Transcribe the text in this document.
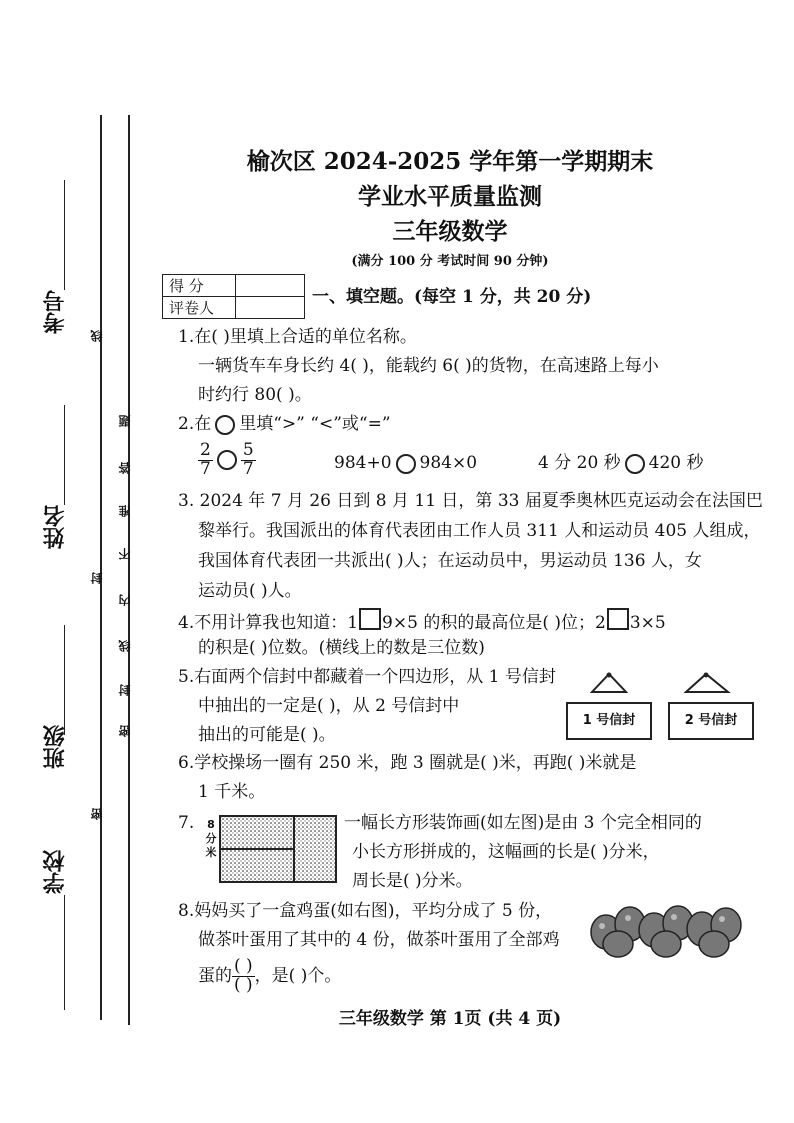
考号
姓名
班级
学校
线
题
答
准
不
内
线
封
密
封
密
榆次区 2024-2025 学年第一学期期末
学业水平质量监测
三年级数学
(满分 100 分 考试时间 90 分钟)
得 分	
评卷人	
一、填空题。(每空 1 分，共 20 分)
1.在( )里填上合适的单位名称。
一辆货车车身长约 4( )，能载约 6( )的货物，在高速路上每小
时约行 80( )。
2.在 里填“>” “<”或“=”
$\frac{2}{7} \frac{5}{7}$	984+0 984×0	4 分 20 秒 420 秒
3. 2024 年 7 月 26 日到 8 月 11 日，第 33 届夏季奥林匹克运动会在法国巴
黎举行。我国派出的体育代表团由工作人员 311 人和运动员 405 人组成，
我国体育代表团一共派出( )人；在运动员中，男运动员 136 人，女
运动员( )人。
4.不用计算我也知道：1 9×5 的积的最高位是( )位；2 3×5
的积是( )位数。(横线上的数是三位数)
5.右面两个信封中都藏着一个四边形，从 1 号信封
中抽出的一定是( )，从 2 号信封中
抽出的可能是( )。
1 号信封	2 号信封
6.学校操场一圈有 250 米，跑 3 圈就是( )米，再跑( )米就是
1 千米。
7. 8分米
一幅长方形装饰画(如左图)是由 3 个完全相同的
小长方形拼成的，这幅画的长是( )分米，
周长是( )分米。
8.妈妈买了一盒鸡蛋(如右图)，平均分成了 5 份，
做茶叶蛋用了其中的 4 份，做茶叶蛋用了全部鸡
蛋的 $\frac{( )}{( )}$ ，是( )个。
三年级数学 第 1页 (共 4 页)
